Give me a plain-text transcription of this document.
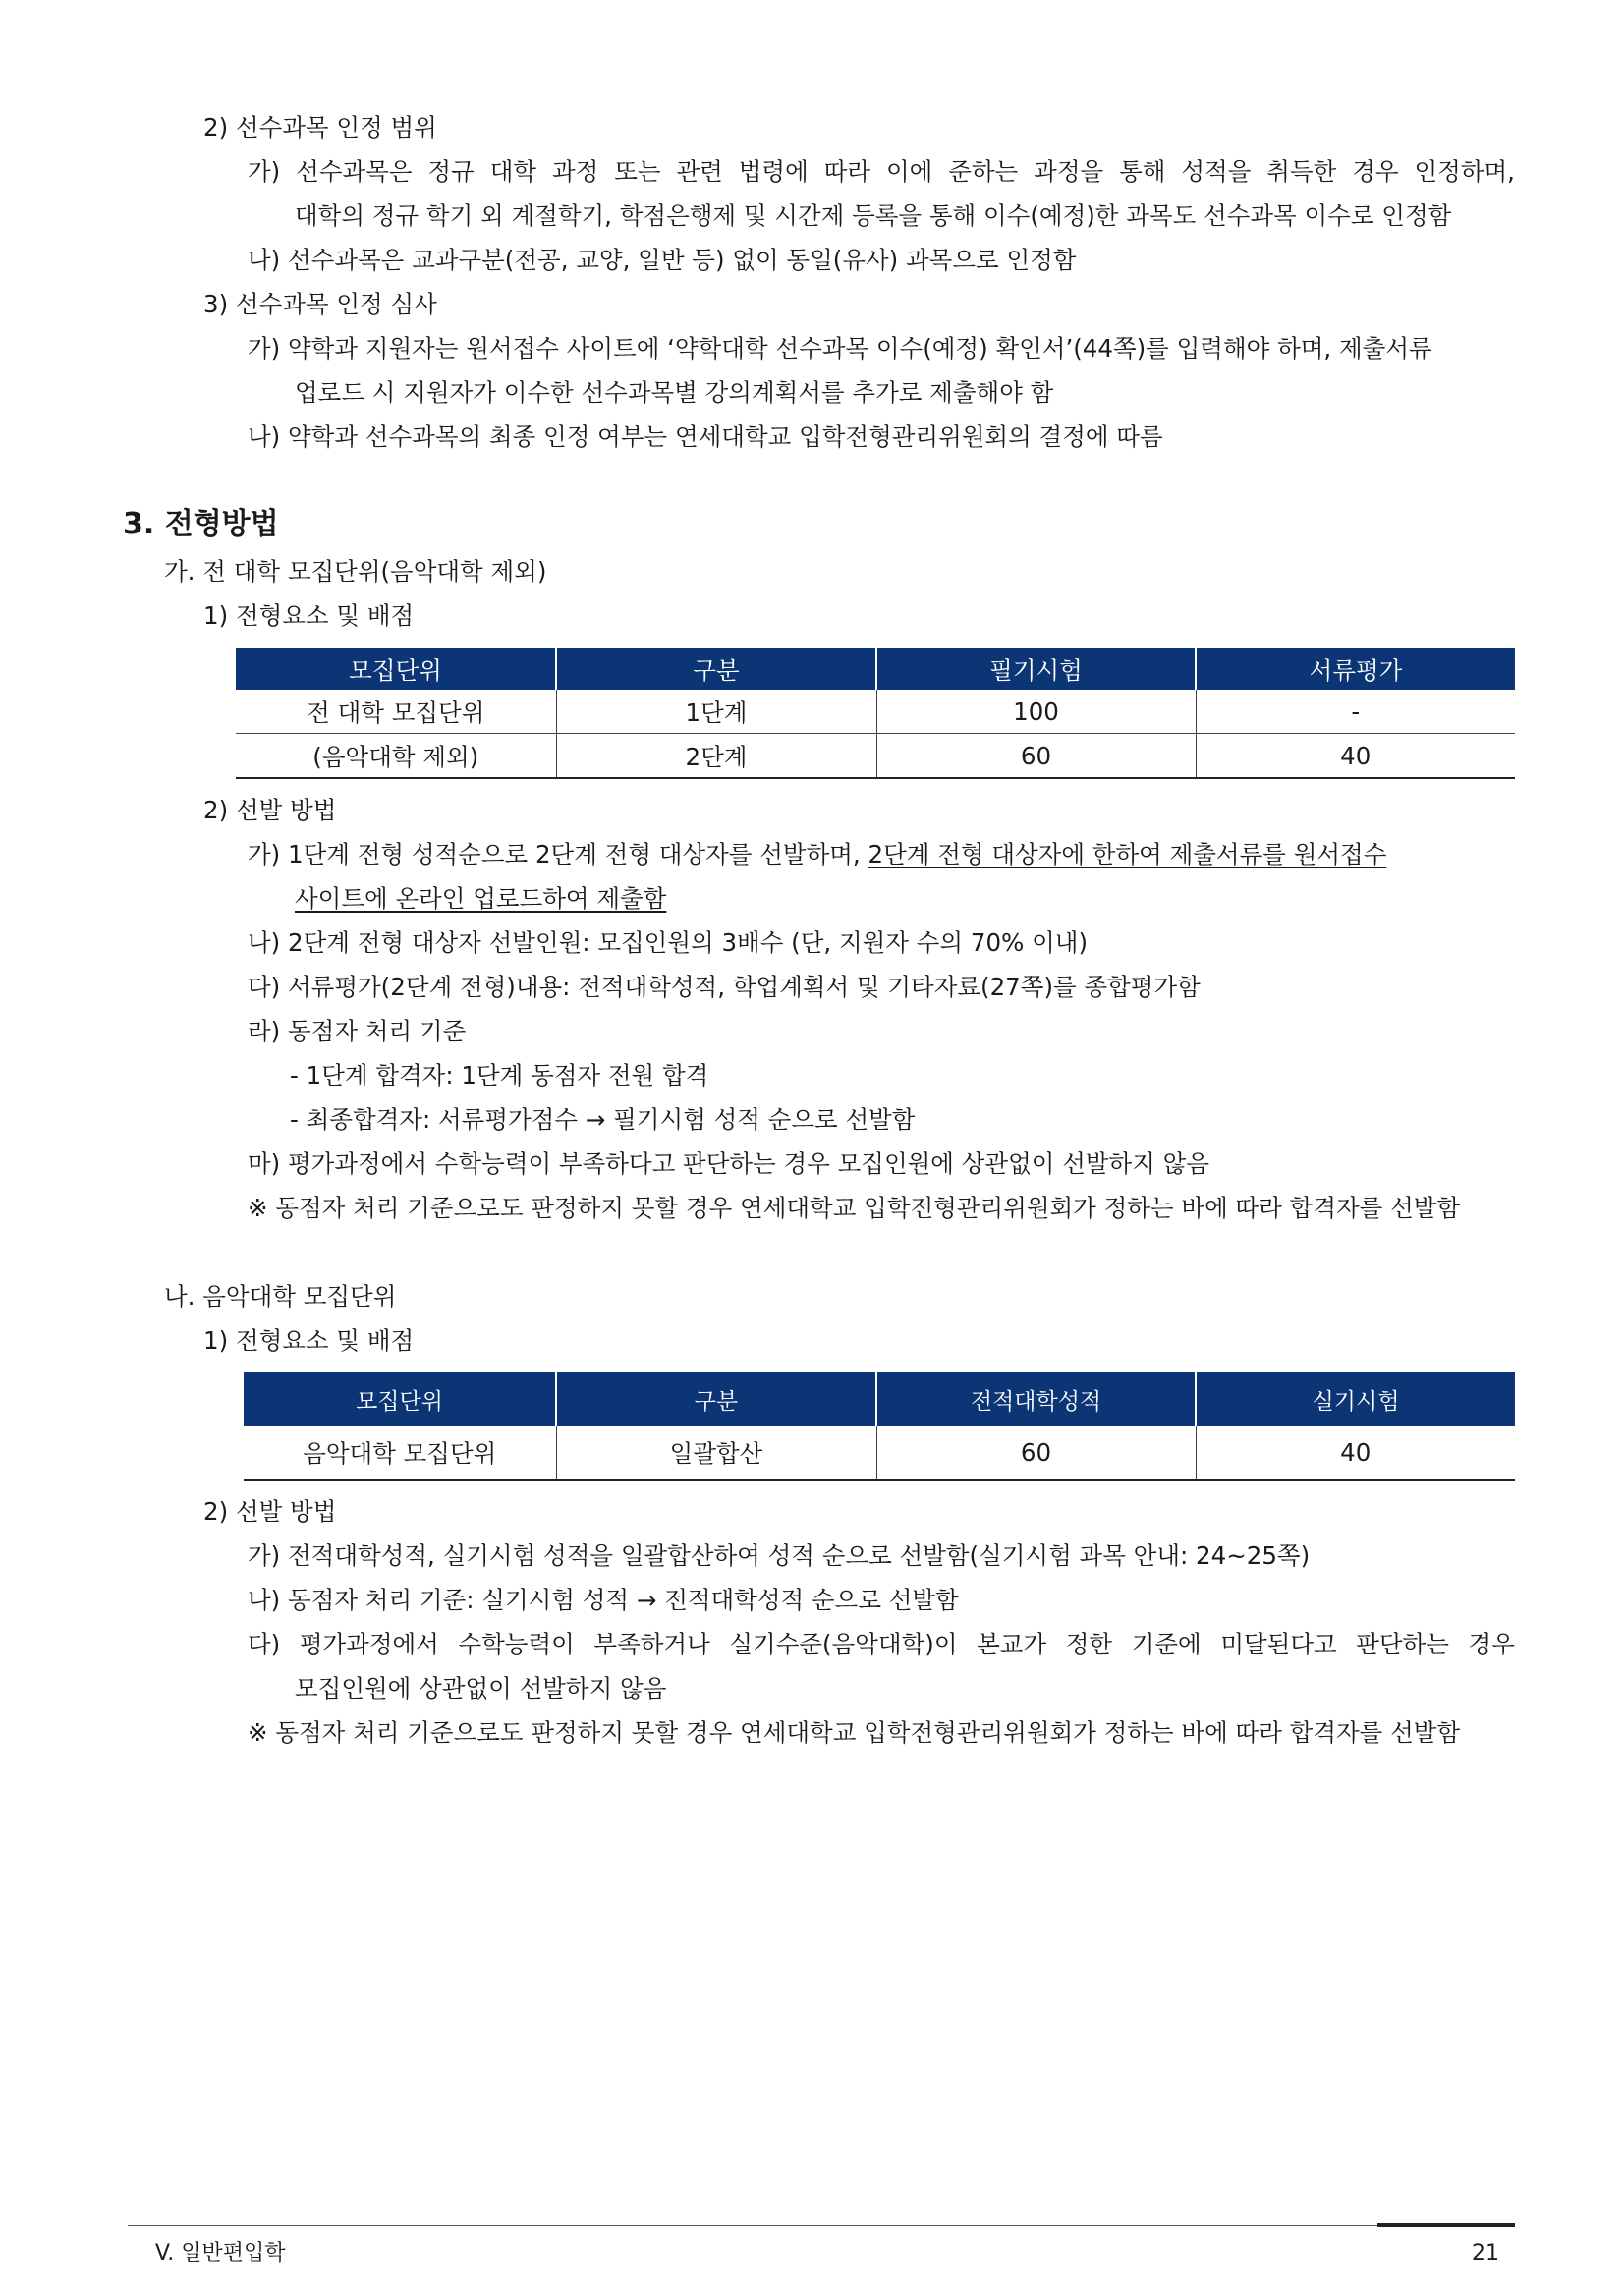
2) 선수과목 인정 범위
가) 선수과목은 정규 대학 과정 또는 관련 법령에 따라 이에 준하는 과정을 통해 성적을 취득한 경우 인정하며,
대학의 정규 학기 외 계절학기, 학점은행제 및 시간제 등록을 통해 이수(예정)한 과목도 선수과목 이수로 인정함
나) 선수과목은 교과구분(전공, 교양, 일반 등) 없이 동일(유사) 과목으로 인정함
3) 선수과목 인정 심사
가) 약학과 지원자는 원서접수 사이트에 ‘약학대학 선수과목 이수(예정) 확인서’(44쪽)를 입력해야 하며, 제출서류
업로드 시 지원자가 이수한 선수과목별 강의계획서를 추가로 제출해야 함
나) 약학과 선수과목의 최종 인정 여부는 연세대학교 입학전형관리위원회의 결정에 따름
3. 전형방법
가. 전 대학 모집단위(음악대학 제외)
1) 전형요소 및 배점
모집단위	구분	필기시험	서류평가
전 대학 모집단위	1단계	100	-
(음악대학 제외)	2단계	60	40
2) 선발 방법
가) 1단계 전형 성적순으로 2단계 전형 대상자를 선발하며, 2단계 전형 대상자에 한하여 제출서류를 원서접수
사이트에 온라인 업로드하여 제출함
나) 2단계 전형 대상자 선발인원: 모집인원의 3배수 (단, 지원자 수의 70% 이내)
다) 서류평가(2단계 전형)내용: 전적대학성적, 학업계획서 및 기타자료(27쪽)를 종합평가함
라) 동점자 처리 기준
- 1단계 합격자: 1단계 동점자 전원 합격
- 최종합격자: 서류평가점수 → 필기시험 성적 순으로 선발함
마) 평가과정에서 수학능력이 부족하다고 판단하는 경우 모집인원에 상관없이 선발하지 않음
※ 동점자 처리 기준으로도 판정하지 못할 경우 연세대학교 입학전형관리위원회가 정하는 바에 따라 합격자를 선발함
나. 음악대학 모집단위
1) 전형요소 및 배점
모집단위	구분	전적대학성적	실기시험
음악대학 모집단위	일괄합산	60	40
2) 선발 방법
가) 전적대학성적, 실기시험 성적을 일괄합산하여 성적 순으로 선발함(실기시험 과목 안내: 24~25쪽)
나) 동점자 처리 기준: 실기시험 성적 → 전적대학성적 순으로 선발함
다) 평가과정에서 수학능력이 부족하거나 실기수준(음악대학)이 본교가 정한 기준에 미달된다고 판단하는 경우
모집인원에 상관없이 선발하지 않음
※ 동점자 처리 기준으로도 판정하지 못할 경우 연세대학교 입학전형관리위원회가 정하는 바에 따라 합격자를 선발함
V. 일반편입학	21
